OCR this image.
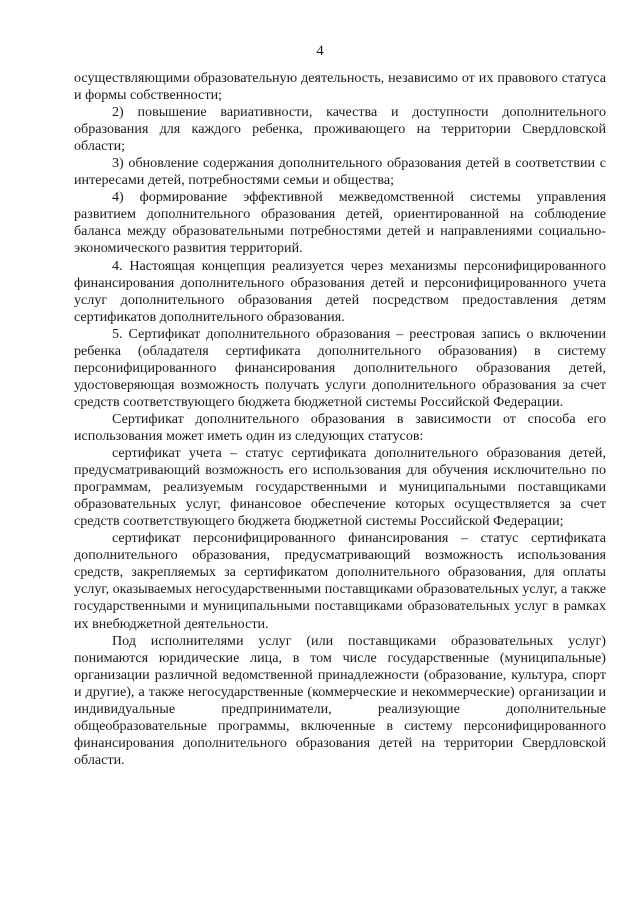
4

осуществляющими образовательную деятельность, независимо от их правового статуса и формы собственности;

2) повышение вариативности, качества и доступности дополнительного образования для каждого ребенка, проживающего на территории Свердловской области;

3) обновление содержания дополнительного образования детей в соответствии с интересами детей, потребностями семьи и общества;

4) формирование эффективной межведомственной системы управления развитием дополнительного образования детей, ориентированной на соблюдение баланса между образовательными потребностями детей и направлениями социально-экономического развития территорий.

4. Настоящая концепция реализуется через механизмы персонифицированного финансирования дополнительного образования детей и персонифицированного учета услуг дополнительного образования детей посредством предоставления детям сертификатов дополнительного образования.

5. Сертификат дополнительного образования – реестровая запись о включении ребенка (обладателя сертификата дополнительного образования) в систему персонифицированного финансирования дополнительного образования детей, удостоверяющая возможность получать услуги дополнительного образования за счет средств соответствующего бюджета бюджетной системы Российской Федерации.

Сертификат дополнительного образования в зависимости от способа его использования может иметь один из следующих статусов:

сертификат учета – статус сертификата дополнительного образования детей, предусматривающий возможность его использования для обучения исключительно по программам, реализуемым государственными и муниципальными поставщиками образовательных услуг, финансовое обеспечение которых осуществляется за счет средств соответствующего бюджета бюджетной системы Российской Федерации;

сертификат персонифицированного финансирования – статус сертификата дополнительного образования, предусматривающий возможность использования средств, закрепляемых за сертификатом дополнительного образования, для оплаты услуг, оказываемых негосударственными поставщиками образовательных услуг, а также государственными и муниципальными поставщиками образовательных услуг в рамках их внебюджетной деятельности.

Под исполнителями услуг (или поставщиками образовательных услуг) понимаются юридические лица, в том числе государственные (муниципальные) организации различной ведомственной принадлежности (образование, культура, спорт и другие), а также негосударственные (коммерческие и некоммерческие) организации и индивидуальные предприниматели, реализующие дополнительные общеобразовательные программы, включенные в систему персонифицированного финансирования дополнительного образования детей на территории Свердловской области.
